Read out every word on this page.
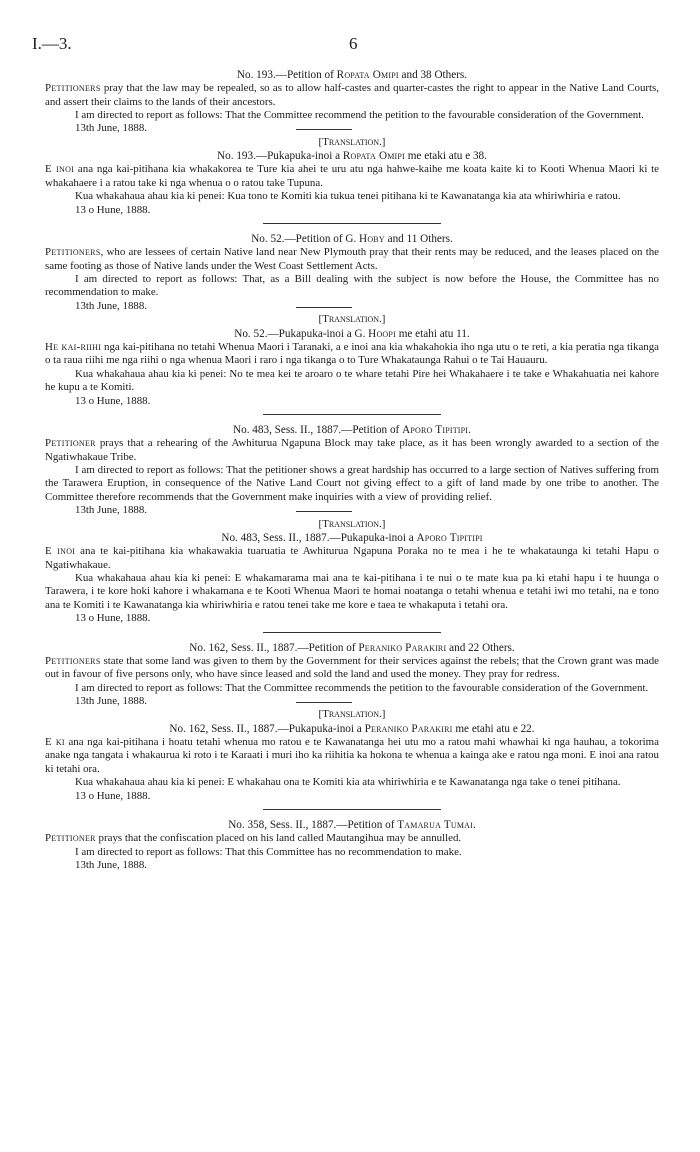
I.—3.	6

No. 193.—Petition of Ropata Omipi and 38 Others.

Petitioners pray that the law may be repealed, so as to allow half-castes and quarter-castes the right to appear in the Native Land Courts, and assert their claims to the lands of their ancestors.

I am directed to report as follows: That the Committee recommend the petition to the favourable consideration of the Government.

13th June, 1888.

[Translation.]

No. 193.—Pukapuka-inoi a Ropata Omipi me etaki atu e 38.

E inoi ana nga kai-pitihana kia whakakorea te Ture kia ahei te uru atu nga hahwe-kaihe me koata kaite ki to Kooti Whenua Maori ki te whakahaere i a ratou take ki nga whenua o o ratou take Tupuna.

Kua whakahaua ahau kia ki penei: Kua tono te Komiti kia tukua tenei pitihana ki te Kawanatanga kia ata whiriwhiria e ratou.

13 o Hune, 1888.

No. 52.—Petition of G. Hoby and 11 Others.

Petitioners, who are lessees of certain Native land near New Plymouth pray that their rents may be reduced, and the leases placed on the same footing as those of Native lands under the West Coast Settlement Acts.

I am directed to report as follows: That, as a Bill dealing with the subject is now before the House, the Committee has no recommendation to make.

13th June, 1888.

[Translation.]

No. 52.—Pukapuka-inoi a G. Hoopi me etahi atu 11.

He kai-riihi nga kai-pitihana no tetahi Whenua Maori i Taranaki, a e inoi ana kia whakahokia iho nga utu o te reti, a kia peratia nga tikanga o ta raua riihi me nga riihi o nga whenua Maori i raro i nga tikanga o to Ture Whakataunga Rahui o te Tai Hauauru.

Kua whakahaua ahau kia ki penei: No te mea kei te aroaro o te whare tetahi Pire hei Whakahaere i te take e Whakahuatia nei kahore he kupu a te Komiti.

13 o Hune, 1888.

No. 483, Sess. II., 1887.—Petition of Aporo Tipitipi.

Petitioner prays that a rehearing of the Awhiturua Ngapuna Block may take place, as it has been wrongly awarded to a section of the Ngatiwhakaue Tribe.

I am directed to report as follows: That the petitioner shows a great hardship has occurred to a large section of Natives suffering from the Tarawera Eruption, in consequence of the Native Land Court not giving effect to a gift of land made by one tribe to another. The Committee therefore recommends that the Government make inquiries with a view of providing relief.

13th June, 1888.

[Translation.]

No. 483, Sess. II., 1887.—Pukapuka-inoi a Aporo Tipitipi

E inoi ana te kai-pitihana kia whakawakia tuaruatia te Awhiturua Ngapuna Poraka no te mea i he te whakataunga ki tetahi Hapu o Ngatiwhakaue.

Kua whakahaua ahau kia ki penei: E whakamarama mai ana te kai-pitihana i te nui o te mate kua pa ki etahi hapu i te huunga o Tarawera, i te kore hoki kahore i whakamana e te Kooti Whenua Maori te homai noatanga o tetahi whenua e tetahi iwi mo tetahi, na e tono ana te Komiti i te Kawanatanga kia whiriwhiria e ratou tenei take me kore e taea te whakaputa i tetahi ora.

13 o Hune, 1888.

No. 162, Sess. II., 1887.—Petition of Peraniko Parakiri and 22 Others.

Petitioners state that some land was given to them by the Government for their services against the rebels; that the Crown grant was made out in favour of five persons only, who have since leased and sold the land and used the money. They pray for redress.

I am directed to report as follows: That the Committee recommends the petition to the favourable consideration of the Government.

13th June, 1888.

[Translation.]

No. 162, Sess. II., 1887.—Pukapuka-inoi a Peraniko Parakiri me etahi atu e 22.

E ki ana nga kai-pitihana i hoatu tetahi whenua mo ratou e te Kawanatanga hei utu mo a ratou mahi whawhai ki nga hauhau, a tokorima anake nga tangata i whakaurua ki roto i te Karaati i muri iho ka riihitia ka hokona te whenua a kainga ake e ratou nga moni. E inoi ana ratou ki tetahi ora.

Kua whakahaua ahau kia ki penei: E whakahau ona te Komiti kia ata whiriwhiria e te Kawanatanga nga take o tenei pitihana.

13 o Hune, 1888.

No. 358, Sess. II., 1887.—Petition of Tamarua Tumai.

Petitioner prays that the confiscation placed on his land called Mautangihua may be annulled.

I am directed to report as follows: That this Committee has no recommendation to make.

13th June, 1888.
